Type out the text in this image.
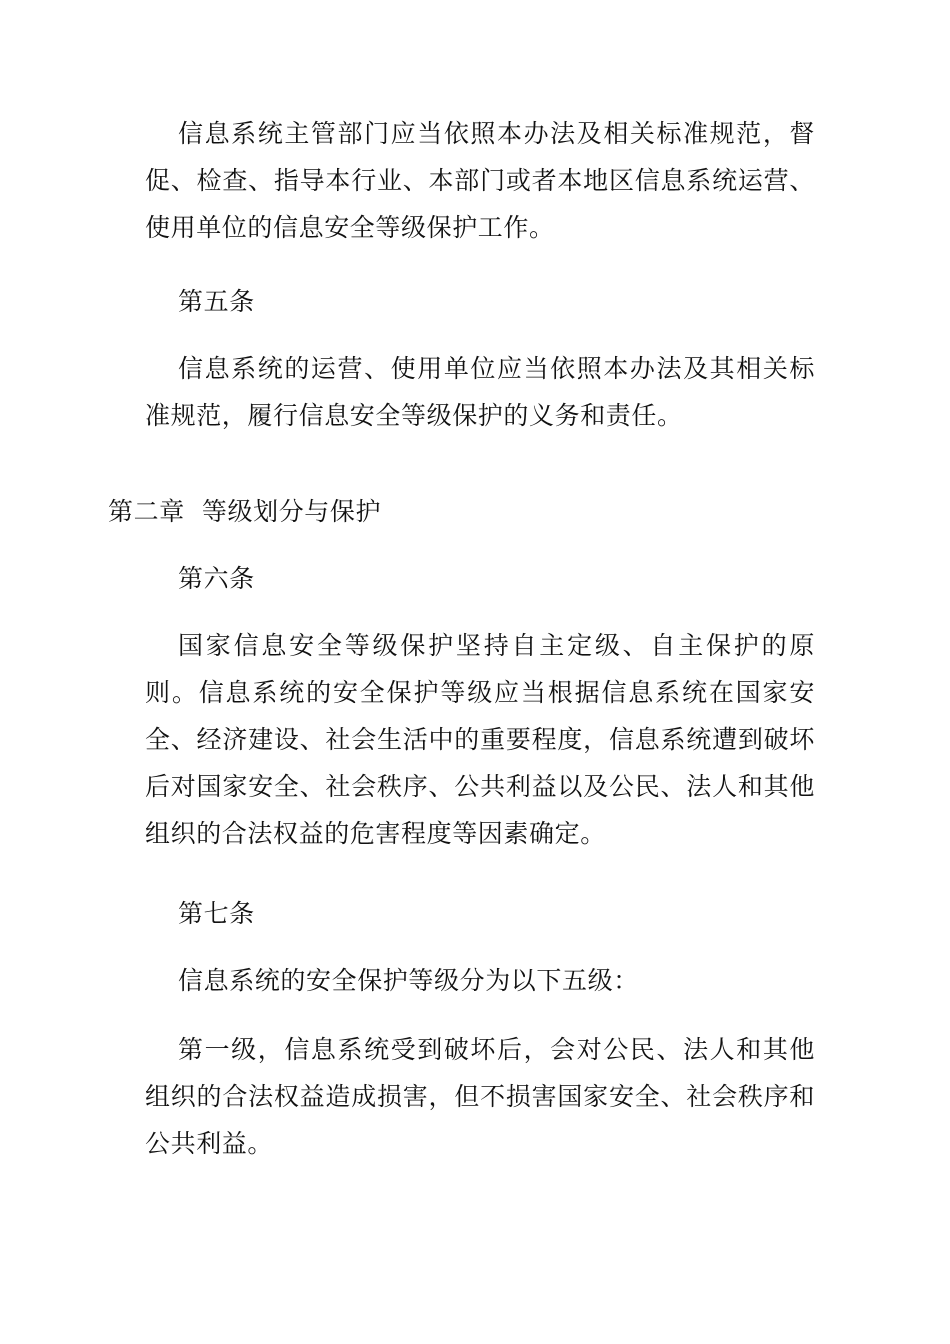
信息系统主管部门应当依照本办法及相关标准规范，督促、检查、指导本行业、本部门或者本地区信息系统运营、使用单位的信息安全等级保护工作。

第五条

信息系统的运营、使用单位应当依照本办法及其相关标准规范，履行信息安全等级保护的义务和责任。

第二章  等级划分与保护

第六条

国家信息安全等级保护坚持自主定级、自主保护的原则。信息系统的安全保护等级应当根据信息系统在国家安全、经济建设、社会生活中的重要程度，信息系统遭到破坏后对国家安全、社会秩序、公共利益以及公民、法人和其他组织的合法权益的危害程度等因素确定。

第七条

信息系统的安全保护等级分为以下五级：

第一级，信息系统受到破坏后，会对公民、法人和其他组织的合法权益造成损害，但不损害国家安全、社会秩序和公共利益。
